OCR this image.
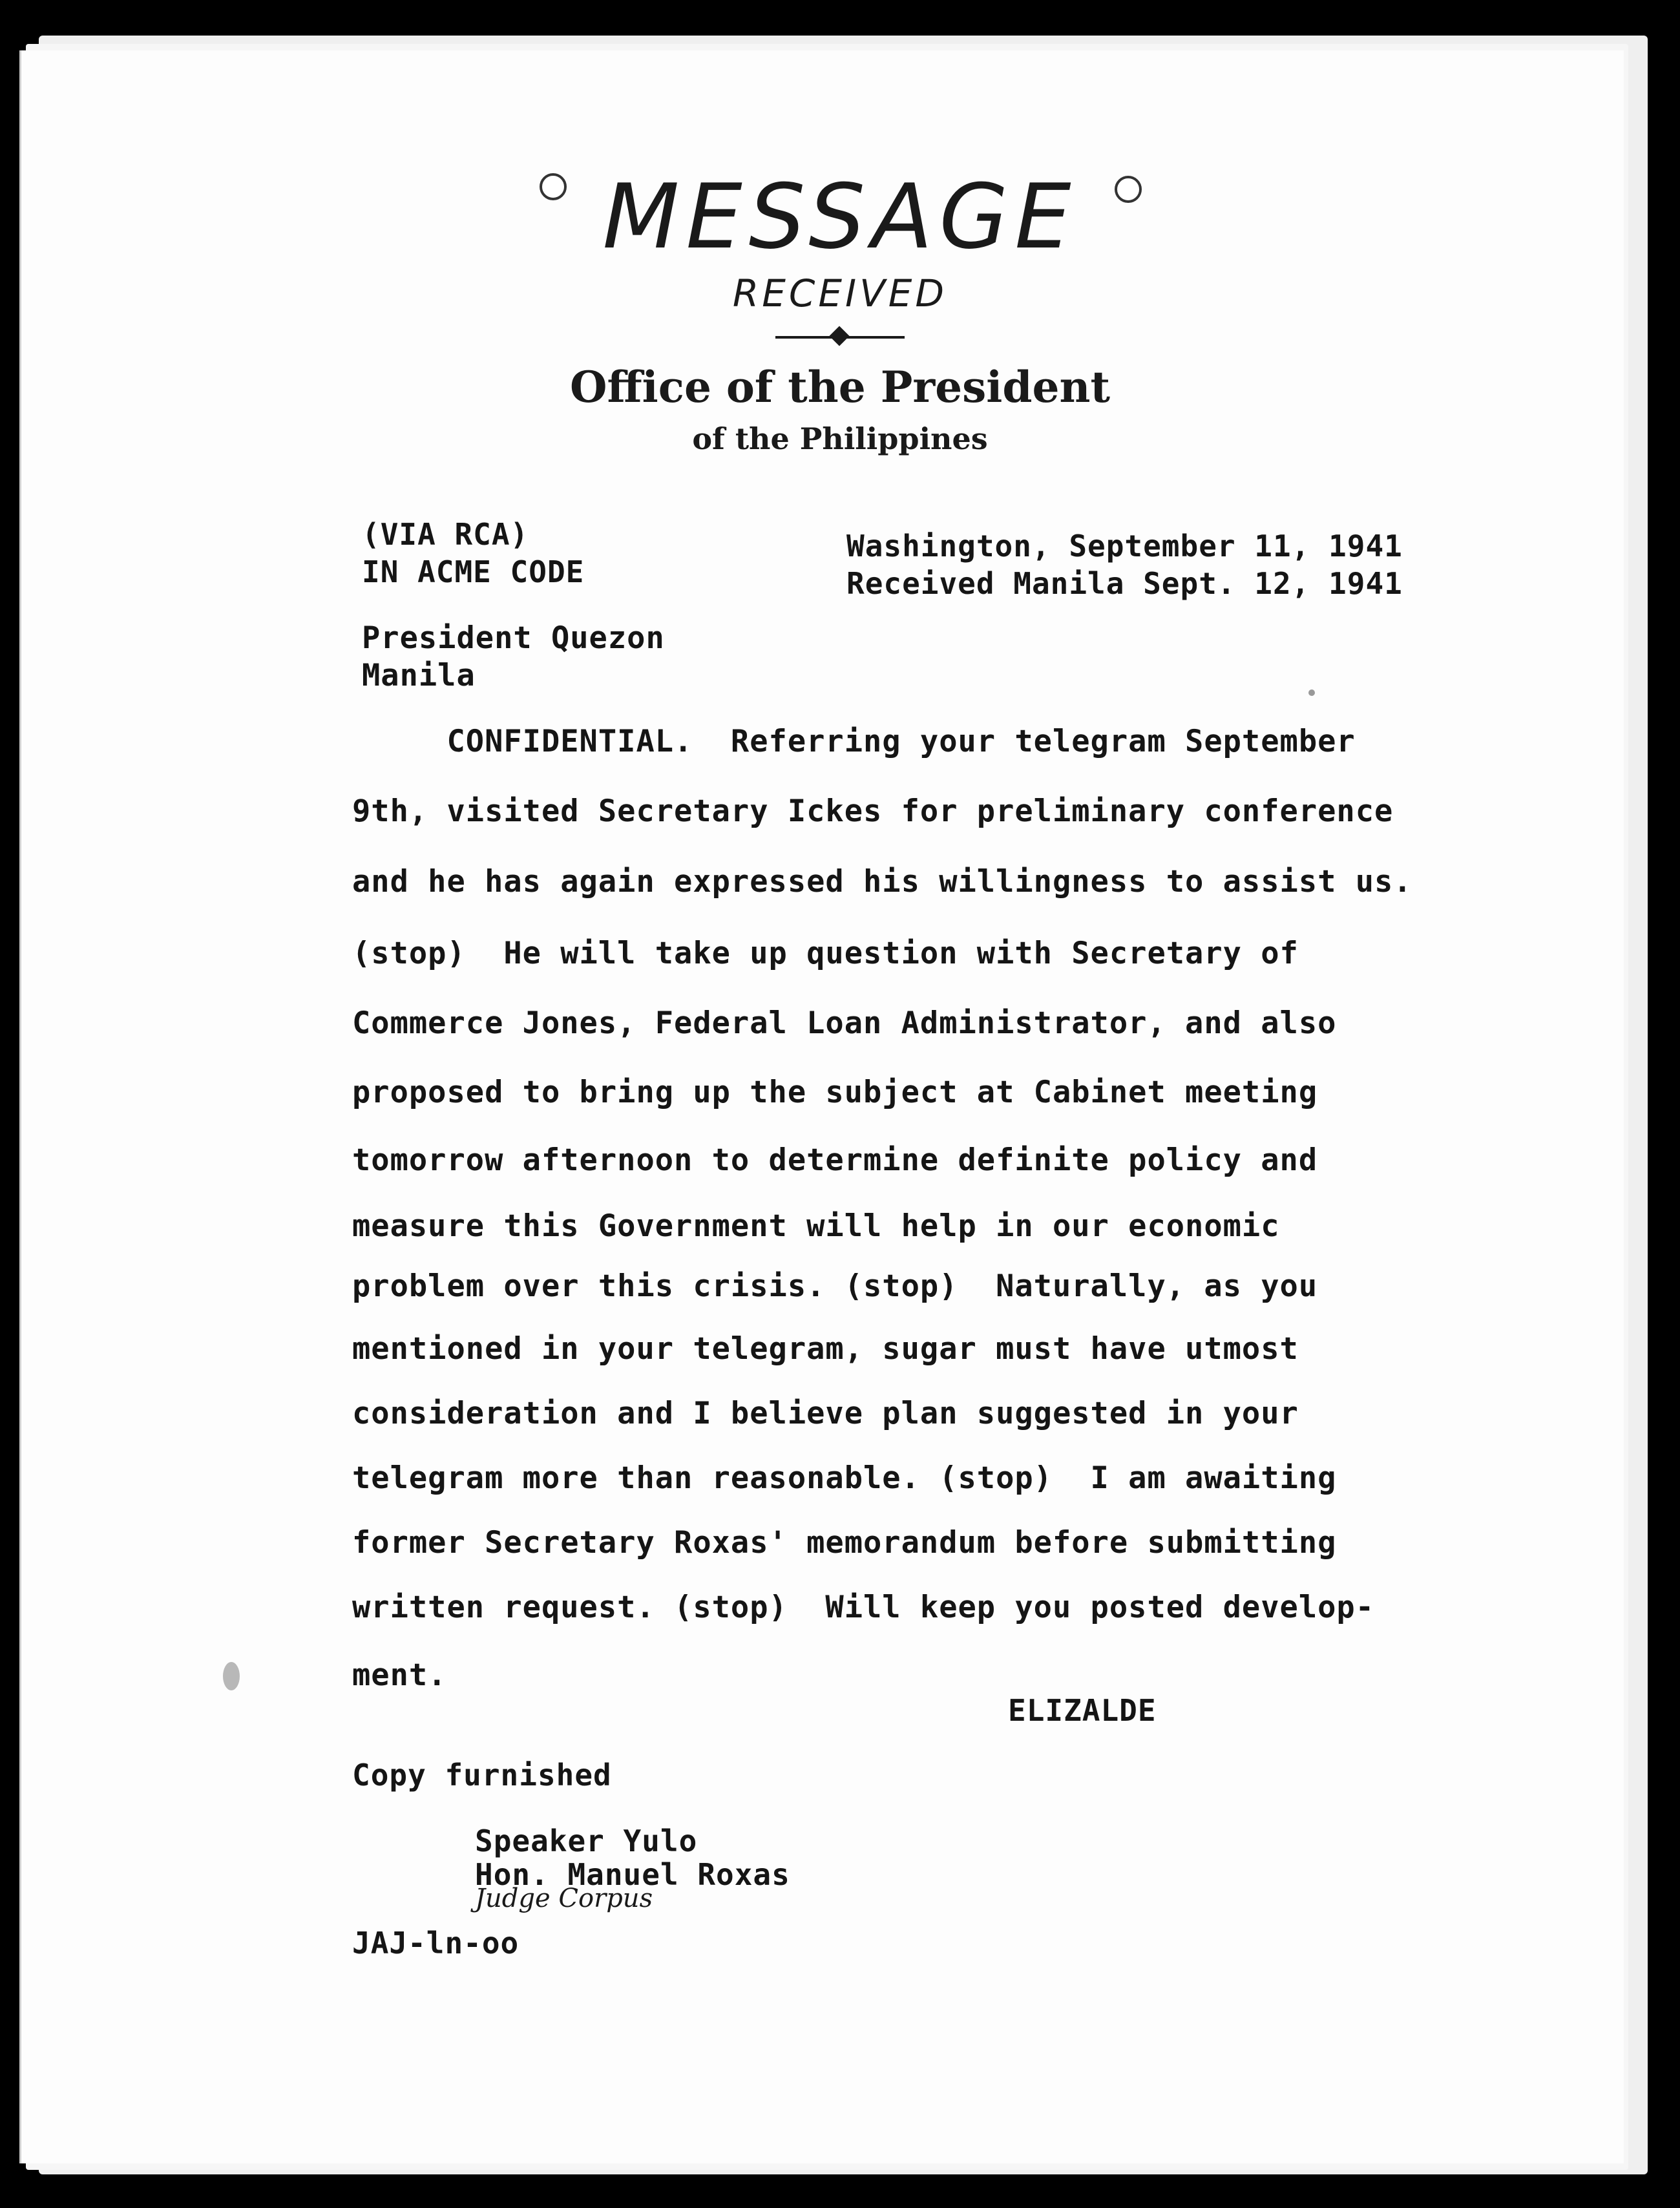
MESSAGE
RECEIVED
Office of the President
of the Philippines
(VIA RCA)
IN ACME CODE
Washington, September 11, 1941
Received Manila Sept. 12, 1941
President Quezon
Manila
CONFIDENTIAL.  Referring your telegram September
9th, visited Secretary Ickes for preliminary conference
and he has again expressed his willingness to assist us.
(stop)  He will take up question with Secretary of
Commerce Jones, Federal Loan Administrator, and also
proposed to bring up the subject at Cabinet meeting
tomorrow afternoon to determine definite policy and
measure this Government will help in our economic
problem over this crisis. (stop)  Naturally, as you
mentioned in your telegram, sugar must have utmost
consideration and I believe plan suggested in your
telegram more than reasonable. (stop)  I am awaiting
former Secretary Roxas' memorandum before submitting
written request. (stop)  Will keep you posted develop-
ment.
ELIZALDE
Copy furnished
Speaker Yulo
Hon. Manuel Roxas
Judge Corpus
JAJ-ln-oo
